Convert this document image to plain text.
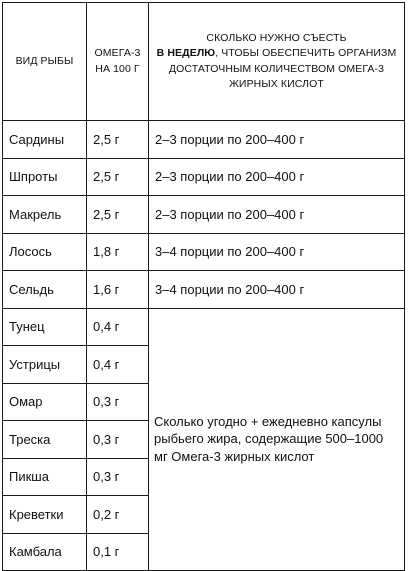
ВИД РЫБЫ	ОМЕГА-3 НА 100 Г	СКОЛЬКО НУЖНО СЪЕСТЬ
В НЕДЕЛЮ, ЧТОБЫ ОБЕСПЕЧИТЬ ОРГАНИЗМ ДОСТАТОЧНЫМ КОЛИЧЕСТВОМ ОМЕГА-3 ЖИРНЫХ КИСЛОТ
Сардины	2,5 г	2–3 порции по 200–400 г
Шпроты	2,5 г	2–3 порции по 200–400 г
Макрель	2,5 г	2–3 порции по 200–400 г
Лосось	1,8 г	3–4 порции по 200–400 г
Сельдь	1,6 г	3–4 порции по 200–400 г
Тунец	0,4 г	Сколько угодно + ежедневно капсулы рыбьего жира, содержащие 500–1000 мг Омега-3 жирных кислот
Устрицы	0,4 г	
Омар	0,3 г	
Треска	0,3 г	
Пикша	0,3 г	
Креветки	0,2 г	
Камбала	0,1 г	
